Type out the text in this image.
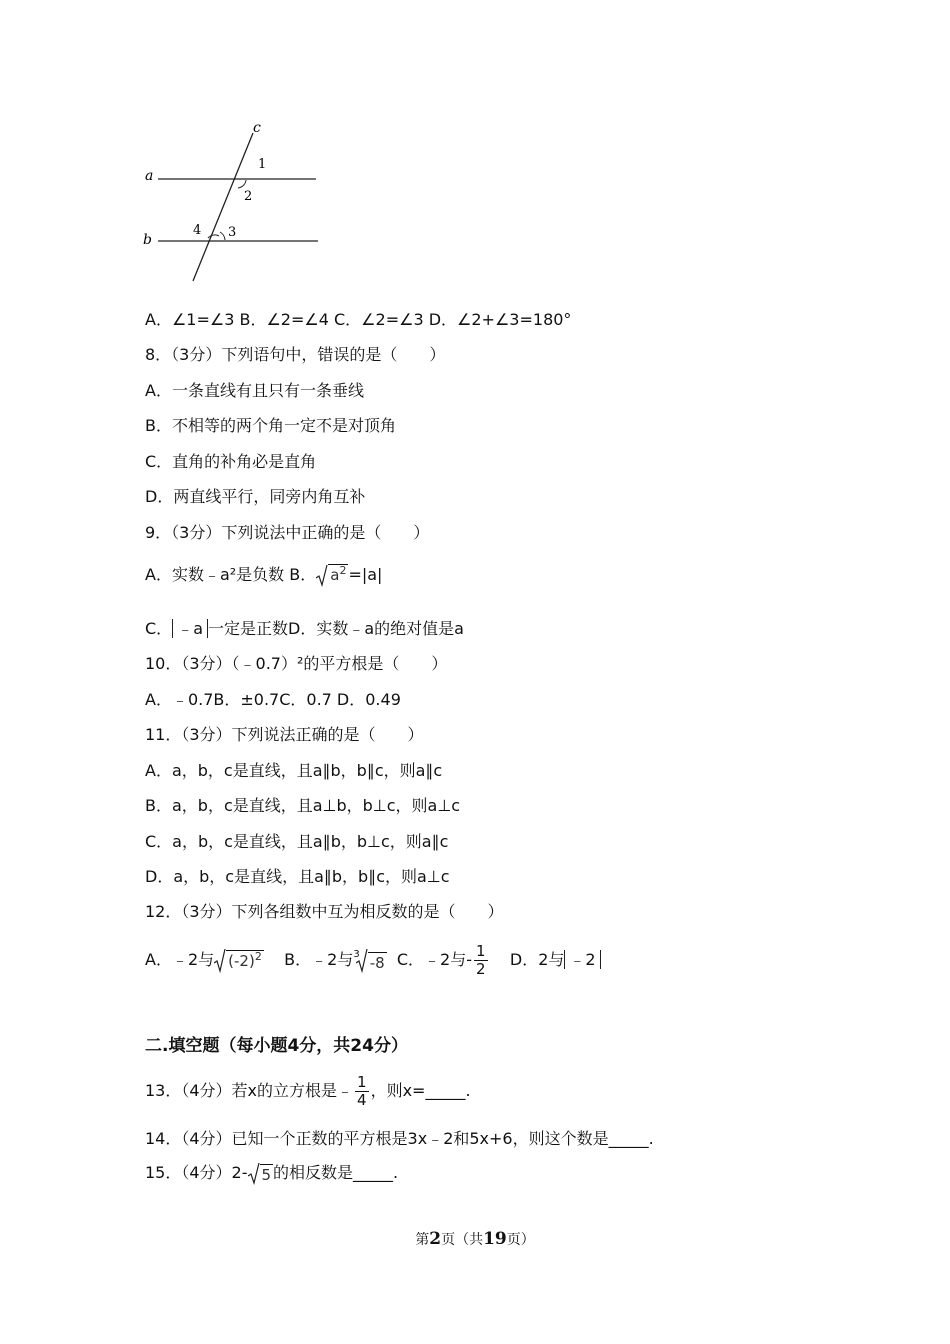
c
a
b
1
2
4 3
A．∠1=∠3 B．∠2=∠4 C．∠2=∠3 D．∠2+∠3=180°
8．（3分）下列语句中，错误的是（　　）
A．一条直线有且只有一条垂线
B．不相等的两个角一定不是对顶角
C．直角的补角必是直角
D．两直线平行，同旁内角互补
9．（3分）下列说法中正确的是（　　）
A．实数﹣a²是负数 B． $a^2 =|a|$
C． ﹣a 一定是正数D．实数﹣a的绝对值是a
10．（3分）（﹣0.7）²的平方根是（　　）
A．﹣0.7B．±0.7C．0.7 D．0.49
11．（3分）下列说法正确的是（　　）
A．a，b，c是直线，且a∥b，b∥c，则a∥c
B．a，b，c是直线，且a⊥b，b⊥c，则a⊥c
C．a，b，c是直线，且a∥b，b⊥c，则a∥c
D．a，b，c是直线，且a∥b，b∥c，则a⊥c
12．（3分）下列各组数中互为相反数的是（　　）
A．﹣2与 $(-2)^2$ B．﹣2与$^3$ -8 C．﹣2与- $\frac{1}{2}$ D．2与 ﹣2
二.填空题（每小题4分，共24分）
13．（4分）若x的立方根是﹣ $\frac{1}{4}$ ，则x=_____.
14．（4分）已知一个正数的平方根是3x﹣2和5x+6，则这个数是_____.
15．（4分）2- 5 的相反数是_____.
第2页（共19页）
